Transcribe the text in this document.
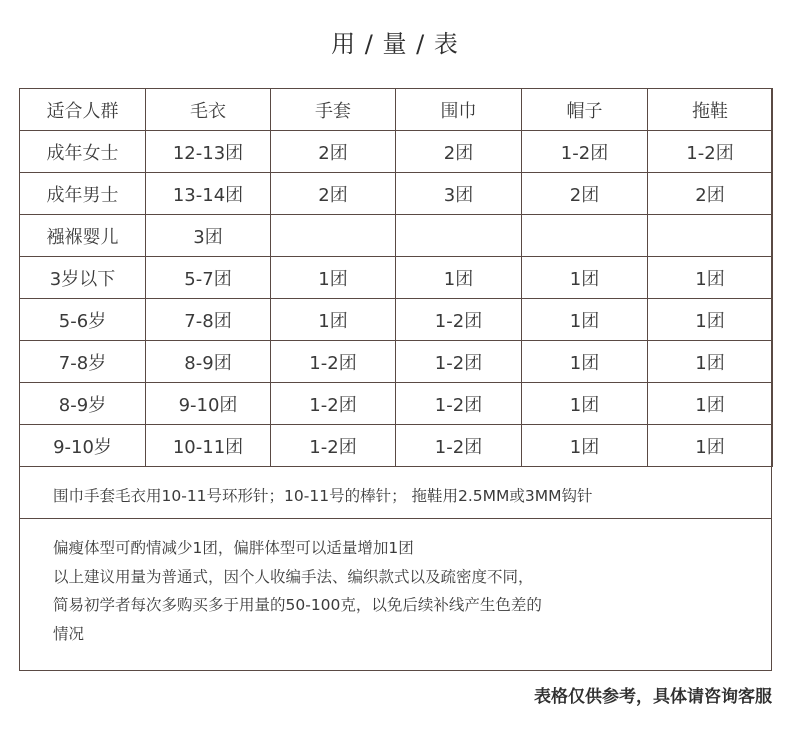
用 / 量 / 表
适合人群	毛衣	手套	围巾	帽子	拖鞋
成年女士	12-13团	2团	2团	1-2团	1-2团
成年男士	13-14团	2团	3团	2团	2团
襁褓婴儿	3团				
3岁以下	5-7团	1团	1团	1团	1团
5-6岁	7-8团	1团	1-2团	1团	1团
7-8岁	8-9团	1-2团	1-2团	1团	1团
8-9岁	9-10团	1-2团	1-2团	1团	1团
9-10岁	10-11团	1-2团	1-2团	1团	1团
围巾手套毛衣用10-11号环形针；10-11号的棒针； 拖鞋用2.5MM或3MM钩针
偏瘦体型可酌情减少1团，偏胖体型可以适量增加1团
以上建议用量为普通式，因个人收编手法、编织款式以及疏密度不同，
简易初学者每次多购买多于用量的50-100克，以免后续补线产生色差的
情况
表格仅供参考，具体请咨询客服
